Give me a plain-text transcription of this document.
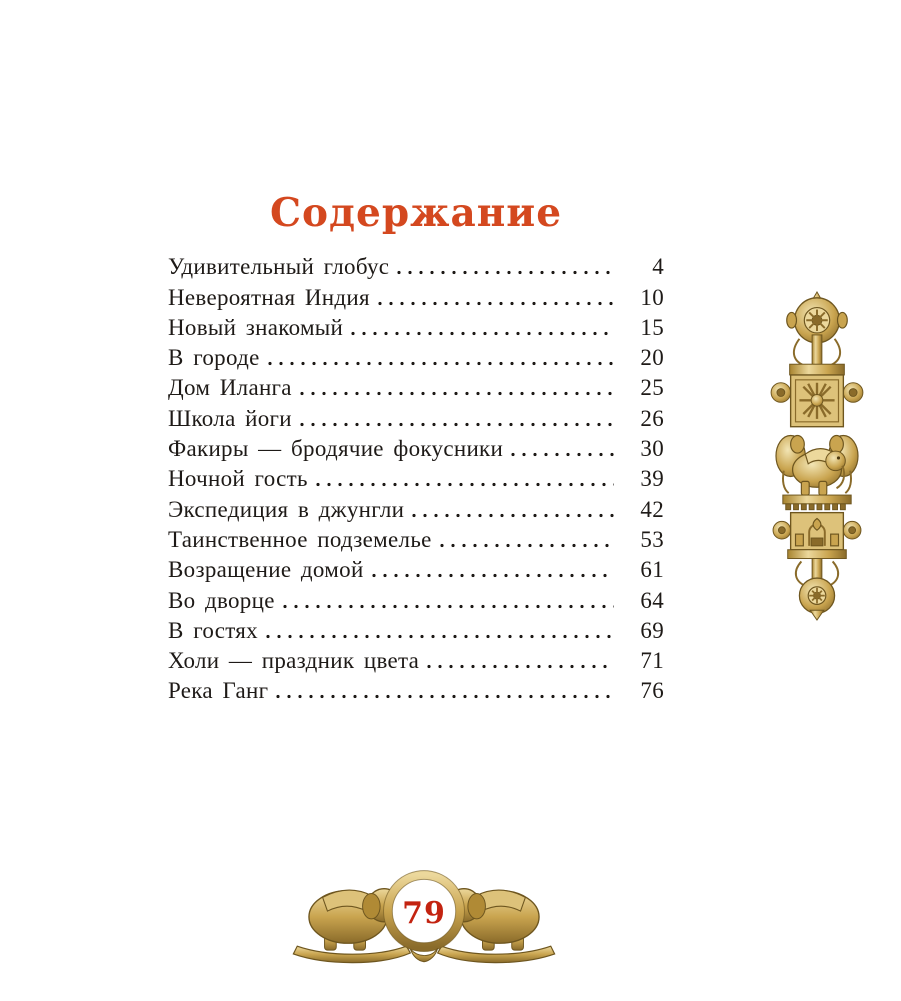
Содержание
Удивительный глобус	4
Невероятная Индия	10
Новый знакомый	15
В городе	20
Дом Иланга	25
Школа йоги	26
Факиры — бродячие фокусники	30
Ночной гость	39
Экспедиция в джунгли	42
Таинственное подземелье	53
Возращение домой	61
Во дворце	64
В гостях	69
Холи — праздник цвета	71
Река Ганг	76
79
